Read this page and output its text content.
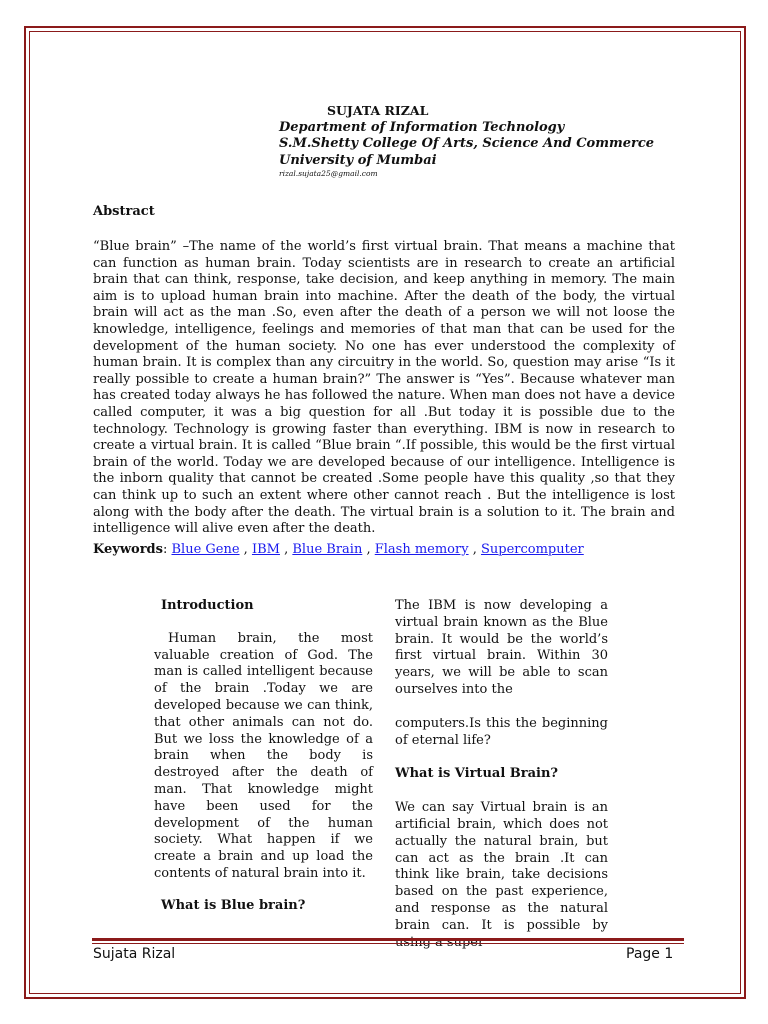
SUJATA RIZAL
Department of Information Technology
S.M.Shetty College Of Arts, Science And Commerce
University of Mumbai
rizal.sujata25@gmail.com
Abstract

“Blue brain” –The name of the world’s first virtual brain. That means a machine that can function as human brain. Today scientists are in research to create an artificial brain that can think, response, take decision, and keep anything in memory. The main aim is to upload human brain into machine. After the death of the body, the virtual brain will act as the man .So, even after the death of a person we will not loose the knowledge, intelligence, feelings and memories of that man that can be used for the development of the human society. No one has ever understood the complexity of human brain. It is complex than any circuitry in the world. So, question may arise “Is it really possible to create a human brain?” The answer is “Yes”. Because whatever man has created today always he has followed the nature. When man does not have a device called computer, it was a big question for all .But today it is possible due to the technology. Technology is growing faster than everything. IBM is now in research to create a virtual brain. It is called “Blue brain “.If possible, this would be the first virtual brain of the world. Today we are developed because of our intelligence. Intelligence is the inborn quality that cannot be created .Some people have this quality ,so that they can think up to such an extent where other cannot reach . But the intelligence is lost along with the body after the death. The virtual brain is a solution to it. The brain and intelligence will alive even after the death.

Keywords: Blue Gene , IBM , Blue Brain , Flash memory , Supercomputer
Introduction

Human brain, the most valuable creation of God. The man is called intelligent because of the brain .Today we are developed because we can think, that other animals can not do. But we loss the knowledge of a brain when the body is destroyed after the death of man. That knowledge might have been used for the development of the human society. What happen if we create a brain and up load the contents of natural brain into it.

What is Blue brain?

The IBM is now developing a virtual brain known as the Blue brain. It would be the world’s first virtual brain. Within 30 years, we will be able to scan ourselves into the

computers.Is this the beginning of eternal life?

What is Virtual Brain?

We can say Virtual brain is an artificial brain, which does not actually the natural brain, but can act as the brain .It can think like brain, take decisions based on the past experience, and response as the natural brain can. It is possible by

Sujata Rizal	Page 1
